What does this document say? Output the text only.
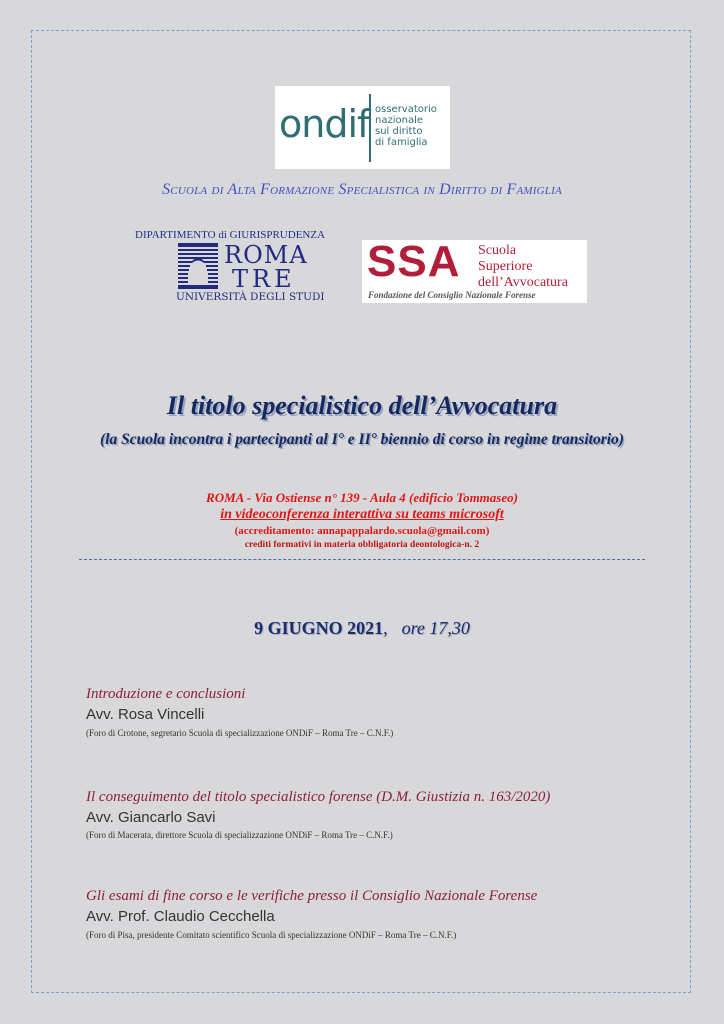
ondif osservatorio
nazionale
sul diritto
di famiglia
Scuola di Alta Formazione Specialistica in Diritto di Famiglia
DIPARTIMENTO di GIURISPRUDENZA
ROMA
TRE
UNIVERSITÀ DEGLI STUDI
SSA Scuola
Superiore
dell’Avvocatura
Fondazione del Consiglio Nazionale Forense
Il titolo specialistico dell’Avvocatura
(la Scuola incontra i partecipanti al I° e II° biennio di corso in regime transitorio)
ROMA - Via Ostiense n° 139 - Aula 4 (edificio Tommaseo)
in videoconferenza interattiva su teams microsoft
(accreditamento: annapappalardo.scuola@gmail.com)
crediti formativi in materia obbligatoria deontologica-n. 2
9 GIUGNO 2021, ore 17,30
Introduzione e conclusioni
Avv. Rosa Vincelli
(Foro di Crotone, segretario Scuola di specializzazione ONDiF – Roma Tre – C.N.F.)
Il conseguimento del titolo specialistico forense (D.M. Giustizia n. 163/2020)
Avv. Giancarlo Savi
(Foro di Macerata, direttore Scuola di specializzazione ONDiF – Roma Tre – C.N.F.)
Gli esami di fine corso e le verifiche presso il Consiglio Nazionale Forense
Avv. Prof. Claudio Cecchella
(Foro di Pisa, presidente Comitato scientifico Scuola di specializzazione ONDiF – Roma Tre – C.N.F.)
